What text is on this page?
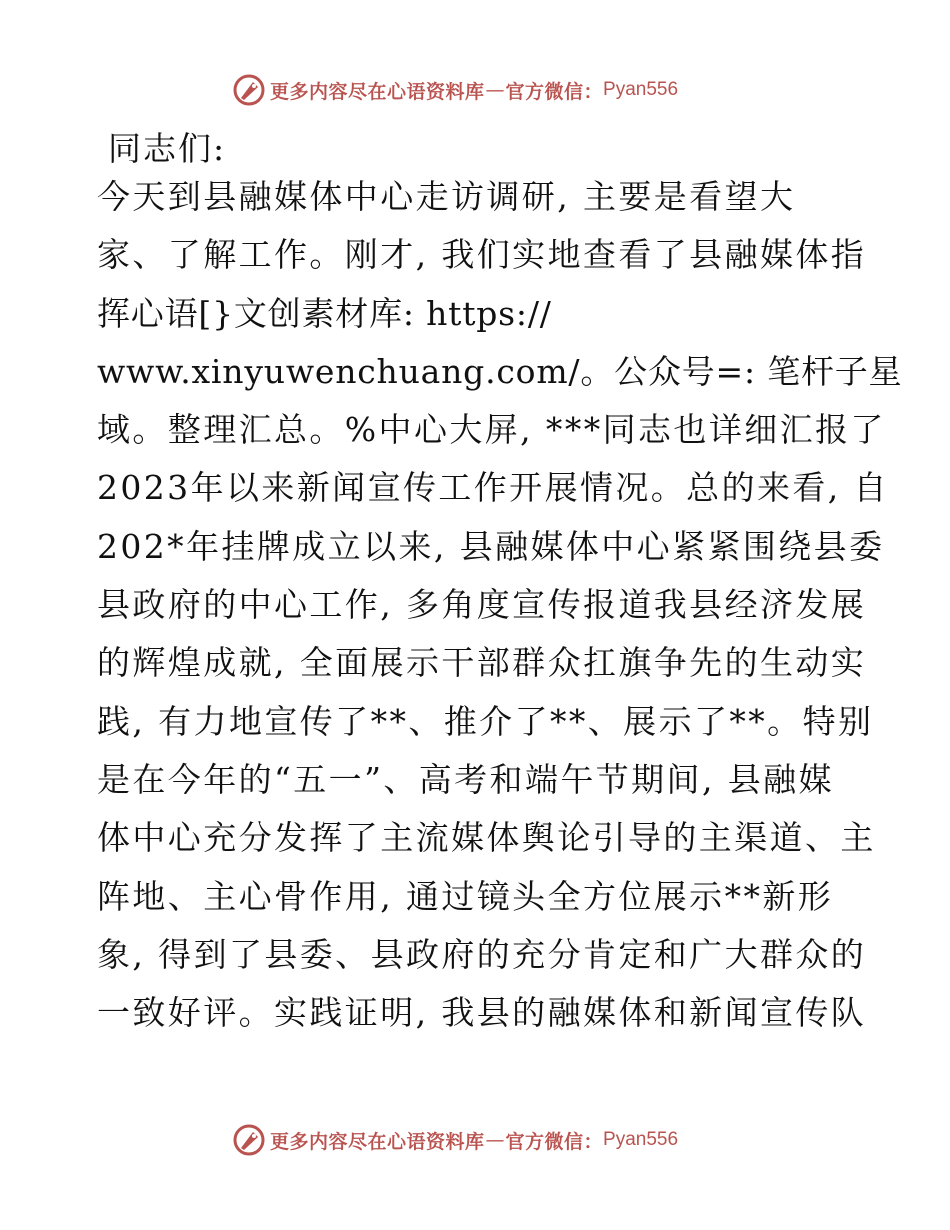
更多内容尽在心语资料库 — 官方微信： Pyan556
同志们:
今天到县融媒体中心走访调研, 主要是看望大
家、了解工作。刚才, 我们实地查看了县融媒体指
挥心语[}文创素材库: https://
www.xinyuwenchuang.com/。公众号=: 笔杆子星
域。整理汇总。%中心大屏, ***同志也详细汇报了
2023年以来新闻宣传工作开展情况。总的来看, 自
202*年挂牌成立以来, 县融媒体中心紧紧围绕县委
县政府的中心工作, 多角度宣传报道我县经济发展
的辉煌成就, 全面展示干部群众扛旗争先的生动实
践, 有力地宣传了**、推介了**、展示了**。特别
是在今年的“五一”、高考和端午节期间, 县融媒
体中心充分发挥了主流媒体舆论引导的主渠道、主
阵地、主心骨作用, 通过镜头全方位展示**新形
象, 得到了县委、县政府的充分肯定和广大群众的
一致好评。实践证明, 我县的融媒体和新闻宣传队
更多内容尽在心语资料库 — 官方微信： Pyan556
